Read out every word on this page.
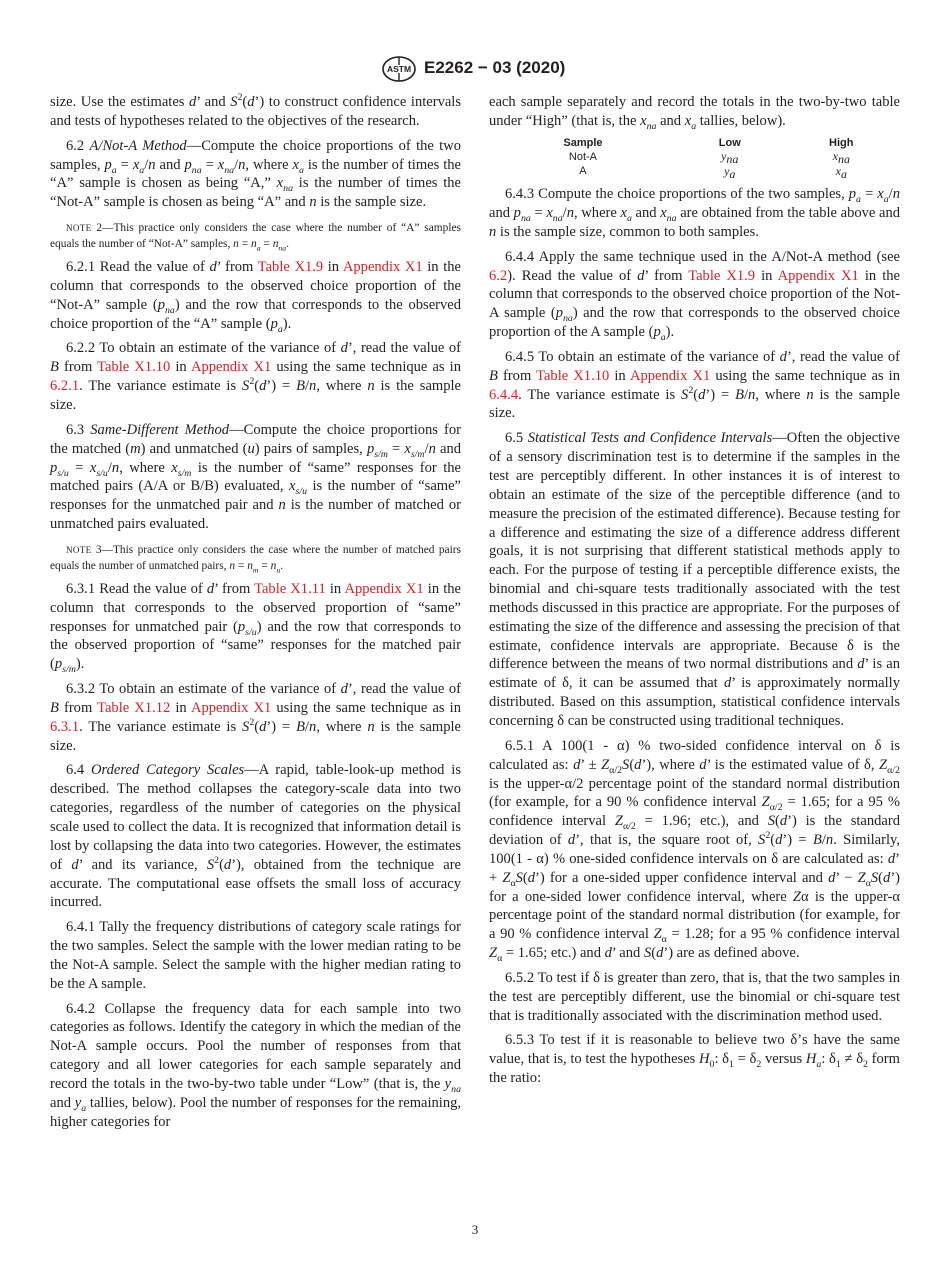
ASTM E2262 − 03 (2020)

size. Use the estimates d’ and $S^2(d’)$ to construct confidence intervals and tests of hypotheses related to the objectives of the research.

6.2 A/Not-A Method—Compute the choice proportions of the two samples, $p_a = x_a/n$ and $p_{na} = x_{na}/n$, where $x_a$ is the number of times the “A” sample is chosen as being “A,” $x_{na}$ is the number of times the “Not-A” sample is chosen as being “A” and n is the sample size.

NOTE 2—This practice only considers the case where the number of “A” samples equals the number of “Not-A” samples, $n = n_a = n_{na}$.

6.2.1 Read the value of d’ from Table X1.9 in Appendix X1 in the column that corresponds to the observed choice proportion of the “Not-A” sample $(p_{na})$ and the row that corresponds to the observed choice proportion of the “A” sample $(p_a)$.

6.2.2 To obtain an estimate of the variance of d’, read the value of B from Table X1.10 in Appendix X1 using the same technique as in 6.2.1. The variance estimate is $S^2(d’) = B/n$, where n is the sample size.

6.3 Same-Different Method—Compute the choice proportions for the matched (m) and unmatched (u) pairs of samples, $p_{s/m} = x_{s/m}/n$ and $p_{s/u} = x_{s/u}/n$, where $x_{s/m}$ is the number of “same” responses for the matched pairs (A/A or B/B) evaluated, $x_{s/u}$ is the number of “same” responses for the unmatched pair and n is the number of matched or unmatched pairs evaluated.

NOTE 3—This practice only considers the case where the number of matched pairs equals the number of unmatched pairs, $n = n_m = n_u$.

6.3.1 Read the value of d’ from Table X1.11 in Appendix X1 in the column that corresponds to the observed proportion of “same” responses for unmatched pair $(p_{s/u})$ and the row that corresponds to the observed proportion of “same” responses for the matched pair $(p_{s/m})$.

6.3.2 To obtain an estimate of the variance of d’, read the value of B from Table X1.12 in Appendix X1 using the same technique as in 6.3.1. The variance estimate is $S^2(d’) = B/n$, where n is the sample size.

6.4 Ordered Category Scales—A rapid, table-look-up method is described. The method collapses the category-scale data into two categories, regardless of the number of categories on the physical scale used to collect the data. It is recognized that information detail is lost by collapsing the data into two categories. However, the estimates of d’ and its variance, $S^2(d’)$, obtained from the technique are accurate. The computational ease offsets the small loss of accuracy incurred.

6.4.1 Tally the frequency distributions of category scale ratings for the two samples. Select the sample with the lower median rating to be the Not-A sample. Select the sample with the higher median rating to be the A sample.

6.4.2 Collapse the frequency data for each sample into two categories as follows. Identify the category in which the median of the Not-A sample occurs. Pool the number of responses from that category and all lower categories for each sample separately and record the totals in the two-by-two table under “Low” (that is, the $y_{na}$ and $y_a$ tallies, below). Pool the number of responses for the remaining, higher categories for

each sample separately and record the totals in the two-by-two table under “High” (that is, the $x_{na}$ and $x_a$ tallies, below).

Sample	Low	High
Not-A	$y_{na}$	$x_{na}$
A	$y_a$	$x_a$

6.4.3 Compute the choice proportions of the two samples, $p_a = x_a/n$ and $p_{na} = x_{na}/n$, where $x_a$ and $x_{na}$ are obtained from the table above and n is the sample size, common to both samples.

6.4.4 Apply the same technique used in the A/Not-A method (see 6.2). Read the value of d’ from Table X1.9 in Appendix X1 in the column that corresponds to the observed choice proportion of the Not-A sample $(p_{na})$ and the row that corresponds to the observed choice proportion of the A sample $(p_a)$.

6.4.5 To obtain an estimate of the variance of d’, read the value of B from Table X1.10 in Appendix X1 using the same technique as in 6.4.4. The variance estimate is $S^2(d’) = B/n$, where n is the sample size.

6.5 Statistical Tests and Confidence Intervals—Often the objective of a sensory discrimination test is to determine if the samples in the test are perceptibly different. In other instances it is of interest to obtain an estimate of the size of the perceptible difference (and to measure the precision of the estimated difference). Because testing for a difference and estimating the size of a difference address different goals, it is not surprising that different statistical methods apply to each. For the purpose of testing if a perceptible difference exists, the binomial and chi-square tests traditionally associated with the test methods discussed in this practice are appropriate. For the purposes of estimating the size of the difference and assessing the precision of that estimate, confidence intervals are appropriate. Because δ is the difference between the means of two normal distributions and d’ is an estimate of δ, it can be assumed that d’ is approximately normally distributed. Based on this assumption, statistical confidence intervals concerning δ can be constructed using traditional techniques.

6.5.1 A 100(1 - α) % two-sided confidence interval on δ is calculated as: d’ ± $Z_{\alpha/2}S(d’)$, where d’ is the estimated value of δ, $Z_{\alpha/2}$ is the upper-α/2 percentage point of the standard normal distribution (for example, for a 90 % confidence interval $Z_{\alpha/2} = 1.65$; for a 95 % confidence interval $Z_{\alpha/2} = 1.96$; etc.), and S(d’) is the standard deviation of d’, that is, the square root of, $S^2(d’) = B/n$. Similarly, 100(1 - α) % one-sided confidence intervals on δ are calculated as: d’ + $Z_\alpha S(d’)$ for a one-sided upper confidence interval and d’ − $Z_\alpha S(d’)$ for a one-sided lower confidence interval, where Zα is the upper-α percentage point of the standard normal distribution (for example, for a 90 % confidence interval $Z_\alpha = 1.28$; for a 95 % confidence interval $Z_\alpha = 1.65$; etc.) and d’ and S(d’) are as defined above.

6.5.2 To test if δ is greater than zero, that is, that the two samples in the test are perceptibly different, use the binomial or chi-square test that is traditionally associated with the discrimination method used.

6.5.3 To test if it is reasonable to believe two δ’s have the same value, that is, to test the hypotheses $H_0$: $\delta_1 = \delta_2$ versus $H_a$: $\delta_1 \ne \delta_2$ form the ratio:

3
